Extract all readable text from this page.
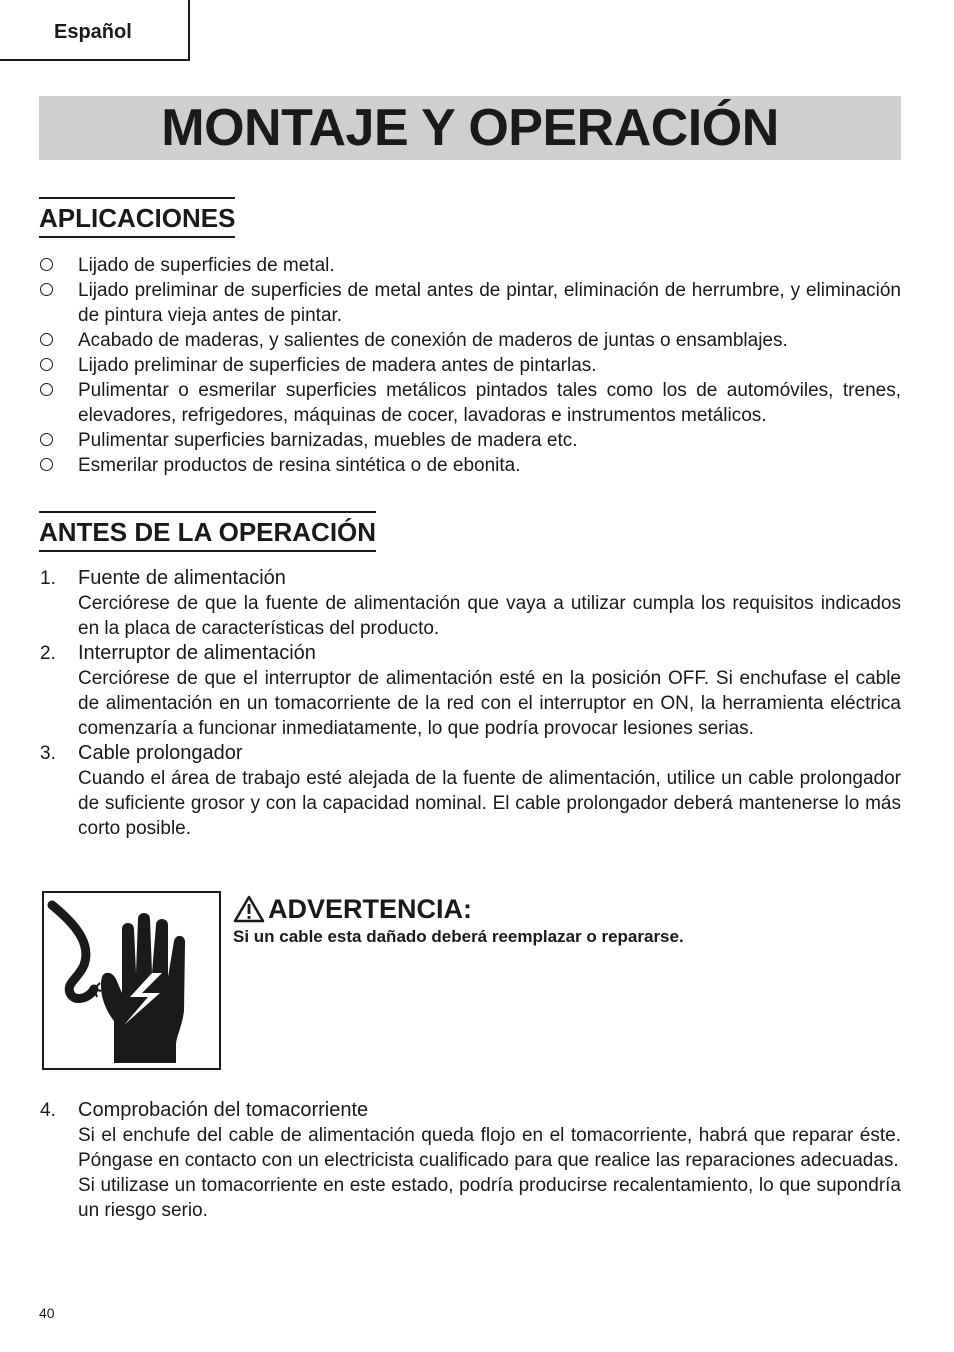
Español
MONTAJE Y OPERACIÓN
APLICACIONES
Lijado de superficies de metal.
Lijado preliminar de superficies de metal antes de pintar, eliminación de herrumbre, y eliminación de pintura vieja antes de pintar.
Acabado de maderas, y salientes de conexión de maderos de juntas o ensamblajes.
Lijado preliminar de superficies de madera antes de pintarlas.
Pulimentar o esmerilar superficies metálicos pintados tales como los de automóviles, trenes, elevadores, refrigedores, máquinas de cocer, lavadoras e instrumentos metálicos.
Pulimentar superficies barnizadas, muebles de madera etc.
Esmerilar productos de resina sintética o de ebonita.
ANTES DE LA OPERACIÓN
1. Fuente de alimentación
Cerciórese de que la fuente de alimentación que vaya a utilizar cumpla los requisitos indicados en la placa de características del producto.
2. Interruptor de alimentación
Cerciórese de que el interruptor de alimentación esté en la posición OFF. Si enchufase el cable de alimentación en un tomacorriente de la red con el interruptor en ON, la herramienta eléctrica comenzaría a funcionar inmediatamente, lo que podría provocar lesiones serias.
3. Cable prolongador
Cuando el área de trabajo esté alejada de la fuente de alimentación, utilice un cable prolongador de suficiente grosor y con la capacidad nominal. El cable prolongador deberá mantenerse lo más corto posible.
ADVERTENCIA:
Si un cable esta dañado deberá reemplazar o repararse.
4. Comprobación del tomacorriente
Si el enchufe del cable de alimentación queda flojo en el tomacorriente, habrá que reparar éste. Póngase en contacto con un electricista cualificado para que realice las reparaciones adecuadas.
Si utilizase un tomacorriente en este estado, podría producirse recalentamiento, lo que supondría un riesgo serio.
40
